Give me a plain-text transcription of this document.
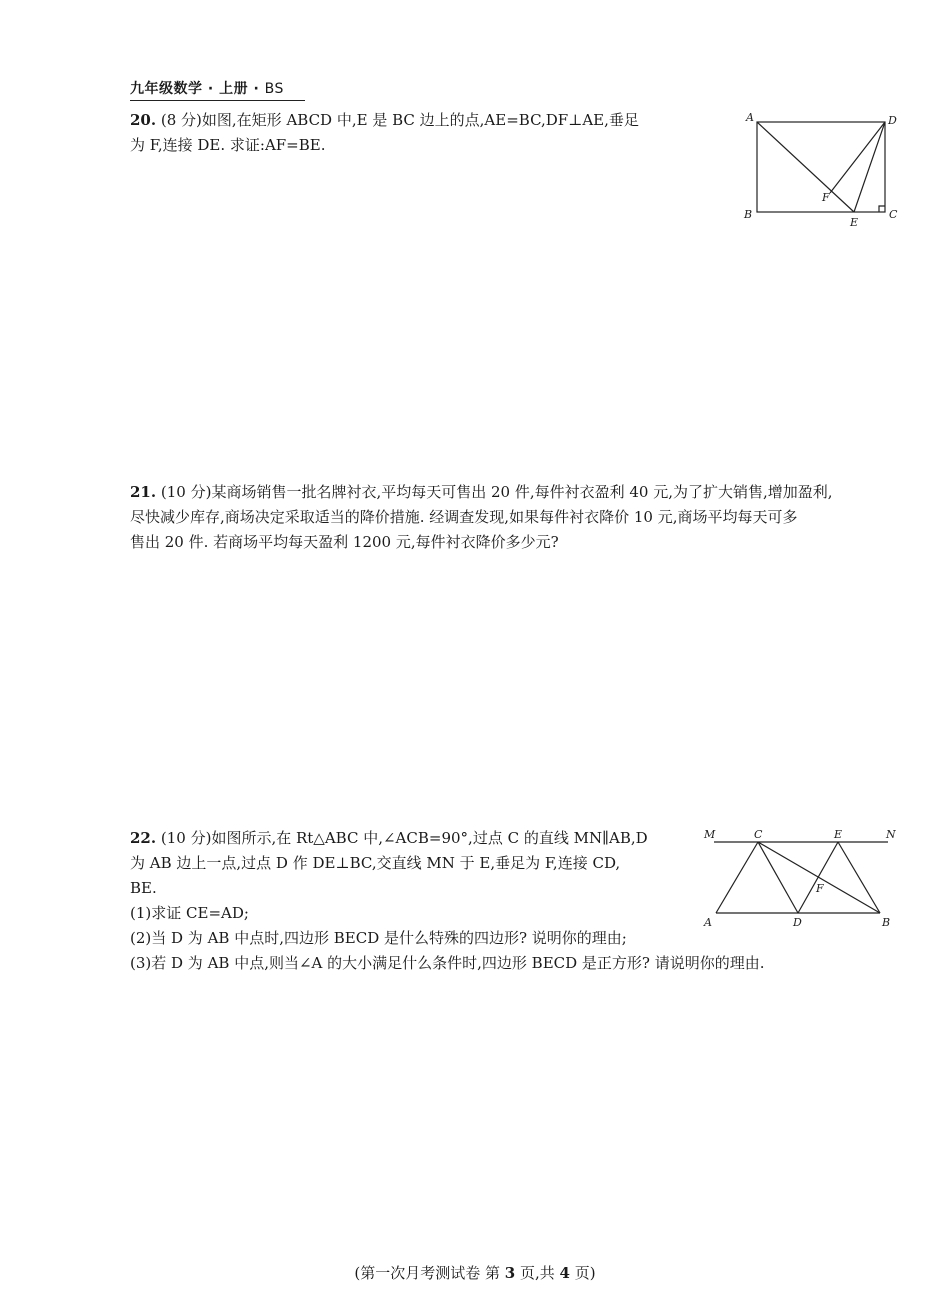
九年级数学 · 上册 · BS
20. (8 分)如图,在矩形 ABCD 中,E 是 BC 边上的点,AE=BC,DF⊥AE,垂足
为 F,连接 DE. 求证:AF=BE.
A	D
B	C
F
E
21. (10 分)某商场销售一批名牌衬衣,平均每天可售出 20 件,每件衬衣盈利 40 元,为了扩大销售,增加盈利,
尽快减少库存,商场决定采取适当的降价措施. 经调查发现,如果每件衬衣降价 10 元,商场平均每天可多
售出 20 件. 若商场平均每天盈利 1200 元,每件衬衣降价多少元?
22. (10 分)如图所示,在 Rt△ABC 中,∠ACB=90°,过点 C 的直线 MN∥AB,D
为 AB 边上一点,过点 D 作 DE⊥BC,交直线 MN 于 E,垂足为 F,连接 CD,
BE.
(1)求证 CE=AD;
(2)当 D 为 AB 中点时,四边形 BECD 是什么特殊的四边形? 说明你的理由;
(3)若 D 为 AB 中点,则当∠A 的大小满足什么条件时,四边形 BECD 是正方形? 请说明你的理由.
M	C	E	N
F
A	D	B
(第一次月考测试卷 第 3 页,共 4 页)
